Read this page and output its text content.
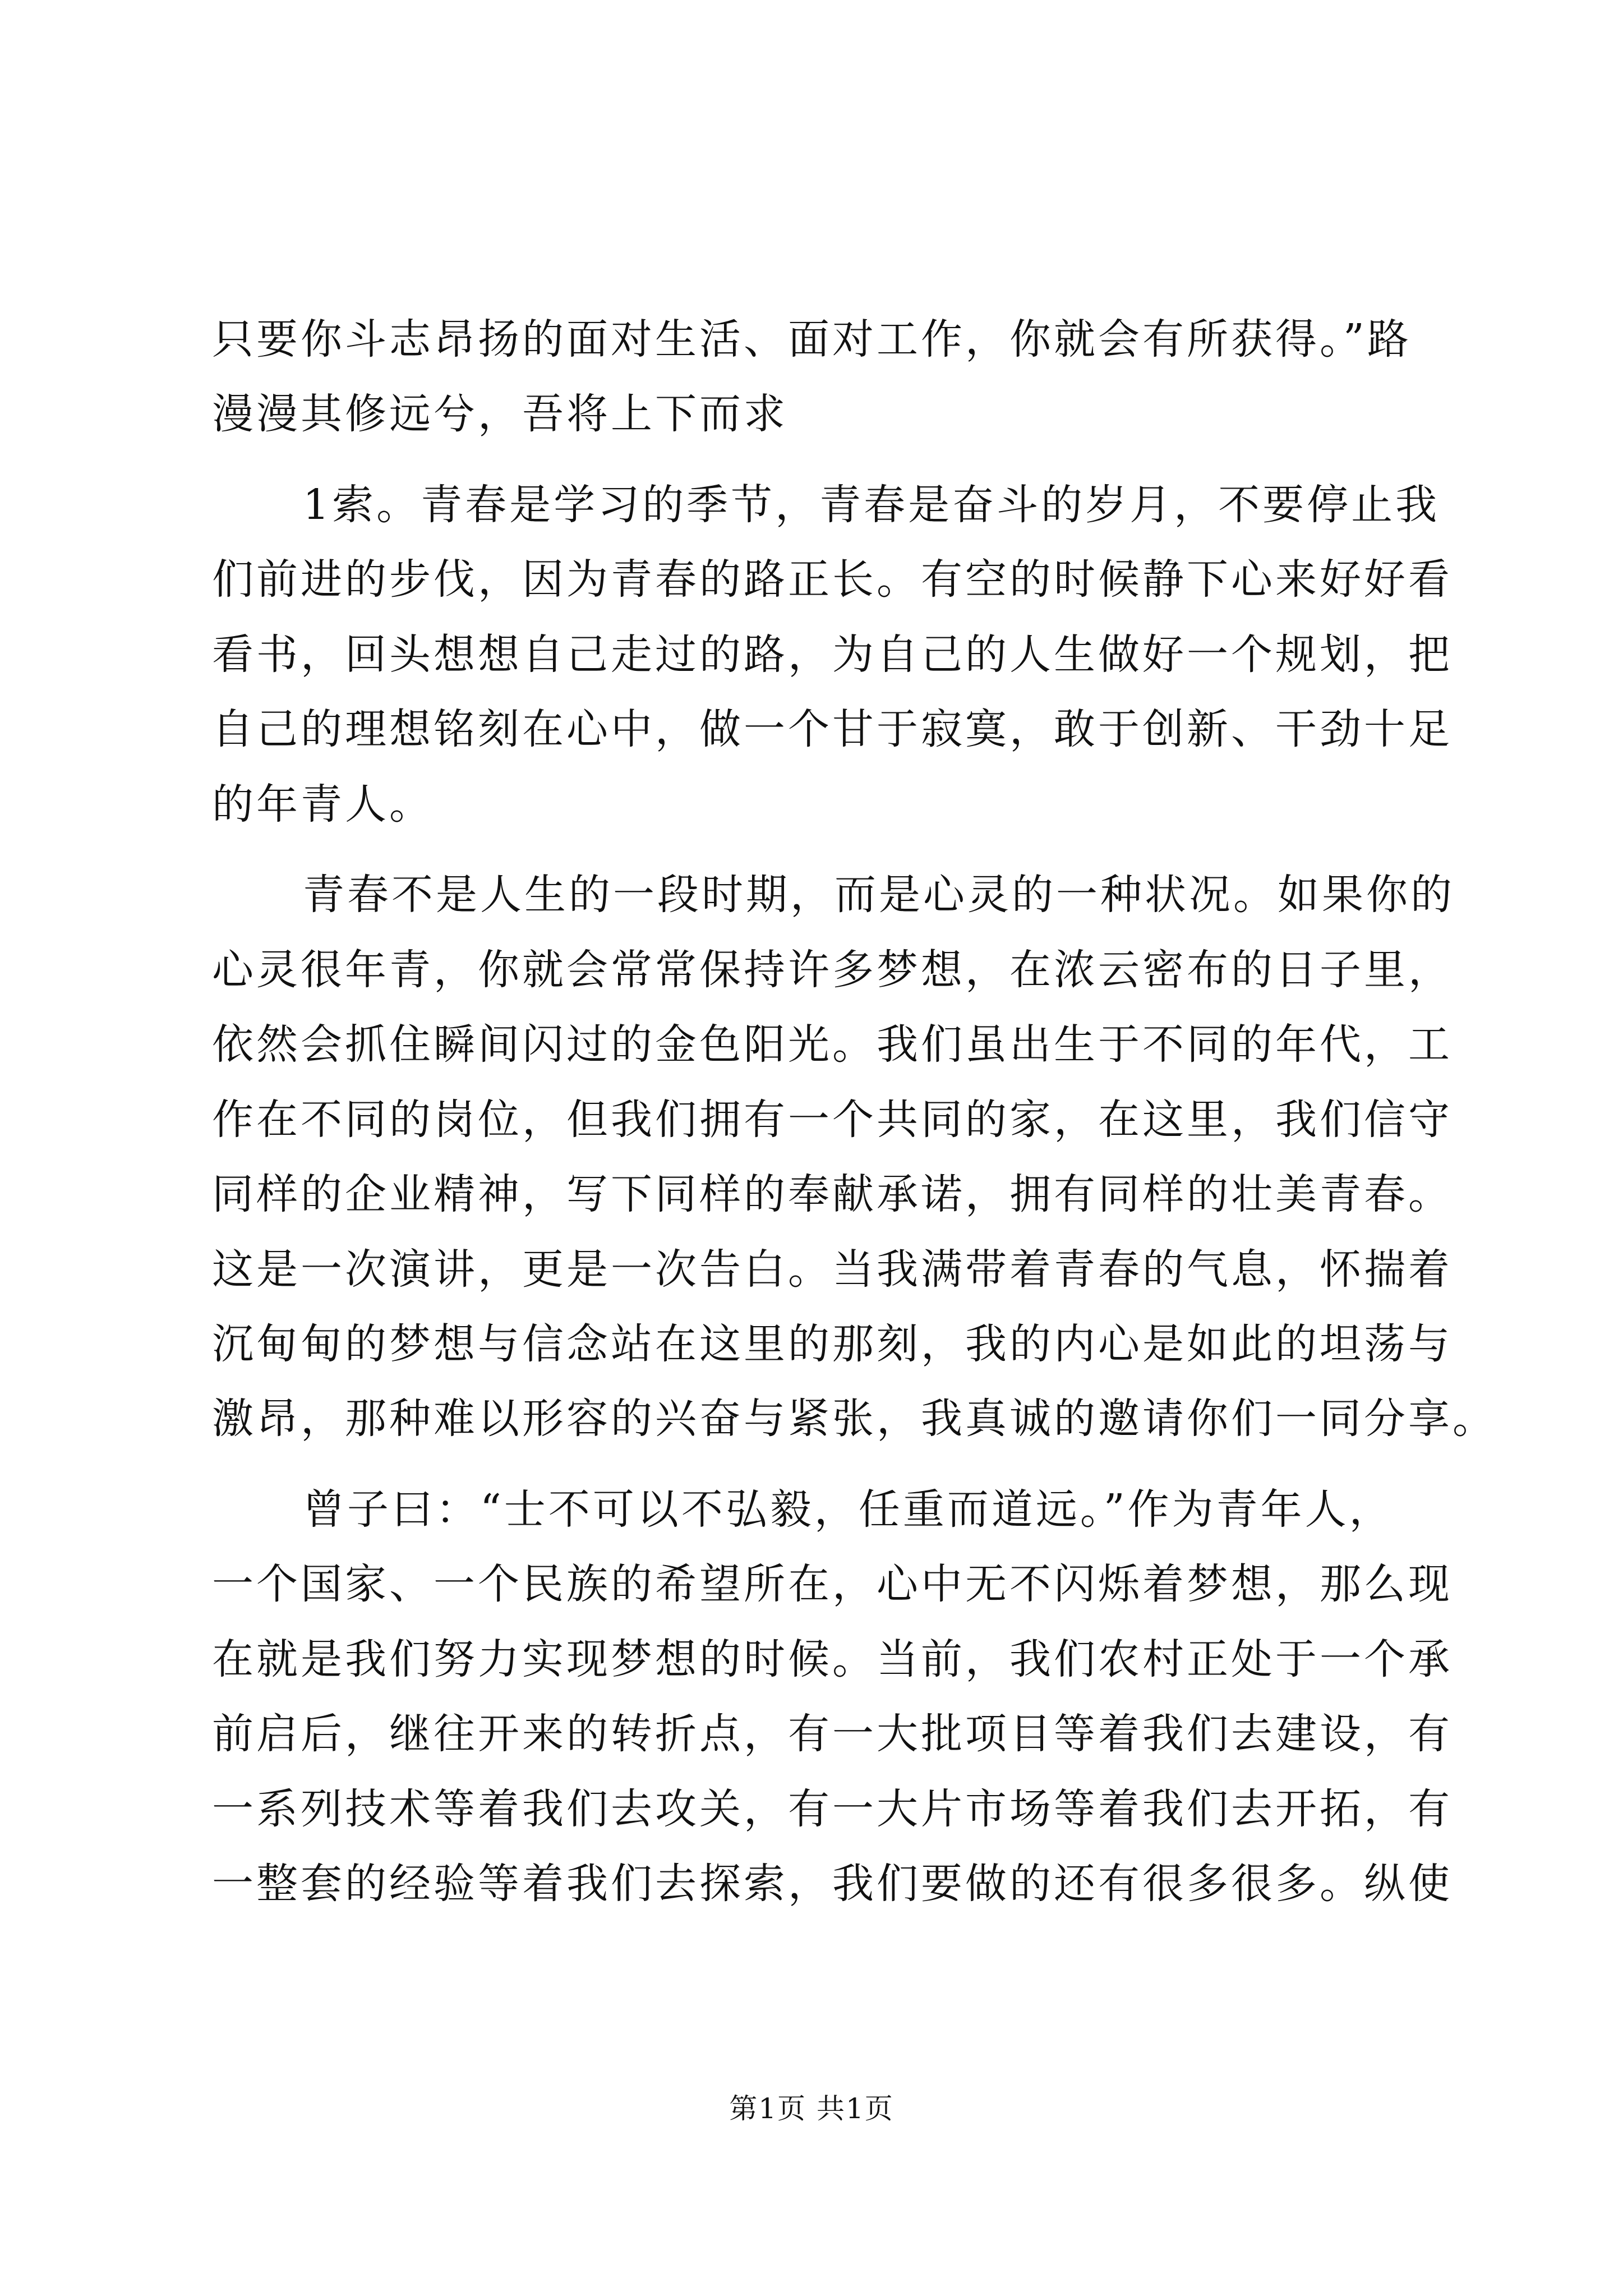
只要你斗志昂扬的面对生活、面对工作，你就会有所获得。”路
漫漫其修远兮，吾将上下而求
1索。青春是学习的季节，青春是奋斗的岁月，不要停止我
们前进的步伐，因为青春的路正长。有空的时候静下心来好好看
看书，回头想想自己走过的路，为自己的人生做好一个规划，把
自己的理想铭刻在心中，做一个甘于寂寞，敢于创新、干劲十足
的年青人。
青春不是人生的一段时期，而是心灵的一种状况。如果你的
心灵很年青，你就会常常保持许多梦想，在浓云密布的日子里，
依然会抓住瞬间闪过的金色阳光。我们虽出生于不同的年代，工
作在不同的岗位，但我们拥有一个共同的家，在这里，我们信守
同样的企业精神，写下同样的奉献承诺，拥有同样的壮美青春。
这是一次演讲，更是一次告白。当我满带着青春的气息，怀揣着
沉甸甸的梦想与信念站在这里的那刻，我的内心是如此的坦荡与
激昂，那种难以形容的兴奋与紧张，我真诚的邀请你们一同分享。
曾子曰：“士不可以不弘毅，任重而道远。”作为青年人，
一个国家、一个民族的希望所在，心中无不闪烁着梦想，那么现
在就是我们努力实现梦想的时候。当前，我们农村正处于一个承
前启后，继往开来的转折点，有一大批项目等着我们去建设，有
一系列技术等着我们去攻关，有一大片市场等着我们去开拓，有
一整套的经验等着我们去探索，我们要做的还有很多很多。纵使
第1页 共1页
